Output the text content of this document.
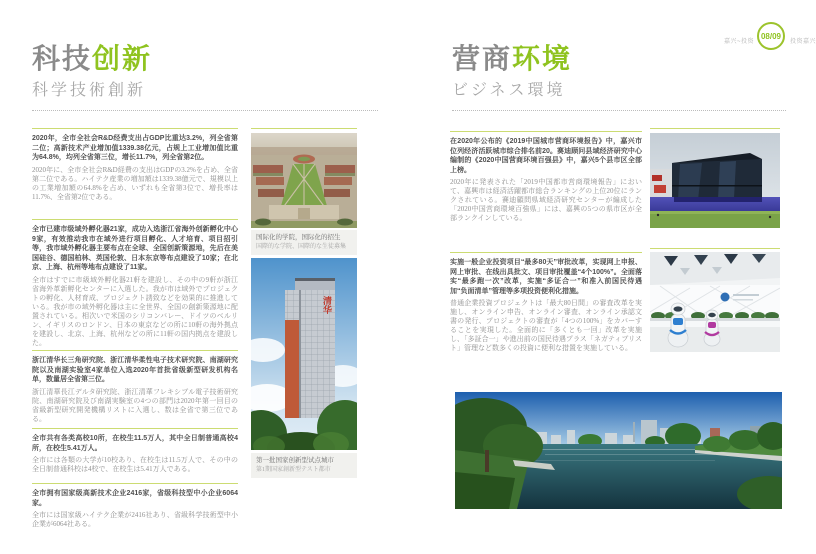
嘉兴~投资
08/09
投资嘉兴
科技创新
科学技術創新
2020年，全市全社会R&D经费支出占GDP比重达3.2%，列全省第二位；高新技术产业增加值1339.38亿元，占规上工业增加值比重为64.8%，均列全省第三位，增长11.7%，列全省第2位。
2020年に、全市全社会R&D経費の支出はGDPの3.2%を占め、全省第二位である。ハイテク産業の増加額は1339.38億元で、規模以上の工業増加額の64.8%を占め、いずれも全省第3位で、増長率は11.7%、全省第2位である。
全市已建市级域外孵化器21家，成功入选浙江省海外创新孵化中心9家，有效推动我市在域外进行项目孵化、人才培育、项目招引等，我市域外孵化器主要布点在全球、全国创新策源地，先后在美国硅谷、德国柏林、英国伦敦、日本东京等布点建设了10家；在北京、上海、杭州等地布点建设了11家。
全市はすでに市級域外孵化器21軒を建設し、その中の9軒が浙江省海外革新孵化センターに入選した。我が市は域外でプロジェクトの孵化、人材育成、プロジェクト誘致などを効果的に推進している。我が市の域外孵化器は主に全世界、全国の創新策源地に配置されている。相次いで米国のシリコンバレー、ドイツのベルリン、イギリスのロンドン、日本の東京などの所に10軒の海外拠点を建設し、北京、上海、杭州などの所に11軒の国内拠点を建設した。
浙江清华长三角研究院、浙江清华柔性电子技术研究院、南湖研究院以及南湖实验室4家单位入选2020年首批省级新型研发机构名单，数量居全省第三位。
浙江清華長江デルタ研究院、浙江清華フレキシブル電子技術研究院、南湖研究院及び南湖実験室の4つの部門は2020年第一回目の省級新型研究開発機構リストに入選し、数は全省で第三位である。
全市共有各类高校10所，在校生11.5万人，其中全日制普通高校4所，在校生5.41万人。
全市には各類の大学が10校あり、在校生は11.5万人で、その中の全日制普通科校は4校で、在校生は5.41万人である。
全市拥有国家级高新技术企业2416家，省级科技型中小企业6064家。
全市には国家級ハイテク企業が2416社あり、省級科学技術型中小企業が6064社ある。
国际化的学院，国际化的招生
国際的な学院、国際的な生徒募集
清华
第一批国家创新型试点城市
第1期国家創新型テスト都市
营商环境
ビジネス環境
在2020年公布的《2019中国城市营商环境报告》中，嘉兴市位列经济活跃城市综合排名前20。赛迪顾问县域经济研究中心编制的《2020中国营商环境百强县》中，嘉兴5个县市区全部上榜。
2020年に発表された「2019中国都市営商環境報告」において、嘉興市は経済活躍都市総合ランキングの上位20位にランクされている。賽迪顧問県域経済研究センターが編成した「2020中国営商環境百強県」には、嘉興の5つの県市区が全部ランクインしている。
实施一般企业投资项目“最多80天”审批改革，实现网上申报、网上审批、在线出具批文、项目审批覆盖“4个100%”。全面落实“最多跑一次”改革，实施“多证合一”和准入前国民待遇加“负面清单”管理等多项投资便利化措施。
普通企業投資プロジェクトは「最大80日間」の審査改革を実施し、オンライン申告、オンライン審査、オンライン承認文書の発行、プロジェクトの審査が「4つの100%」をカバーすることを実現した。全面的に「多くとも一回」改革を実施し、「多証合一」や進出前の国民待遇プラス「ネガティブリスト」管理など数多くの投資に便利な措置を実施している。
